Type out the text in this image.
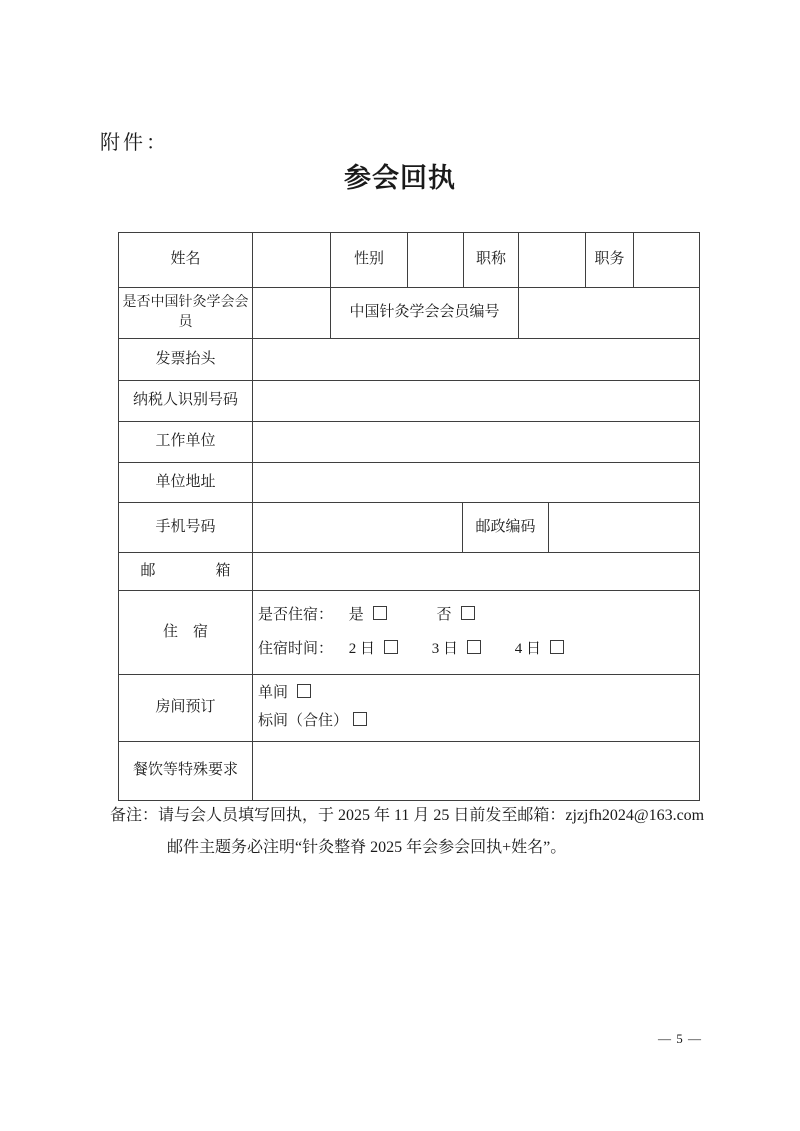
附件：
参会回执
姓名	性别	职称	职务
是否中国针灸学会会员
中国针灸学会会员编号
发票抬头
纳税人识别号码
工作单位
单位地址
手机号码	邮政编码
邮　　　　箱
住　宿
是否住宿： 是	否
住宿时间： 2 日	3 日	4 日
房间预订
单间
标间（合住）
餐饮等特殊要求
备注：请与会人员填写回执，于 2025 年 11 月 25 日前发至邮箱：zjzjfh2024@163.com
邮件主题务必注明“针灸整脊 2025 年会参会回执+姓名”。
— 5 —
